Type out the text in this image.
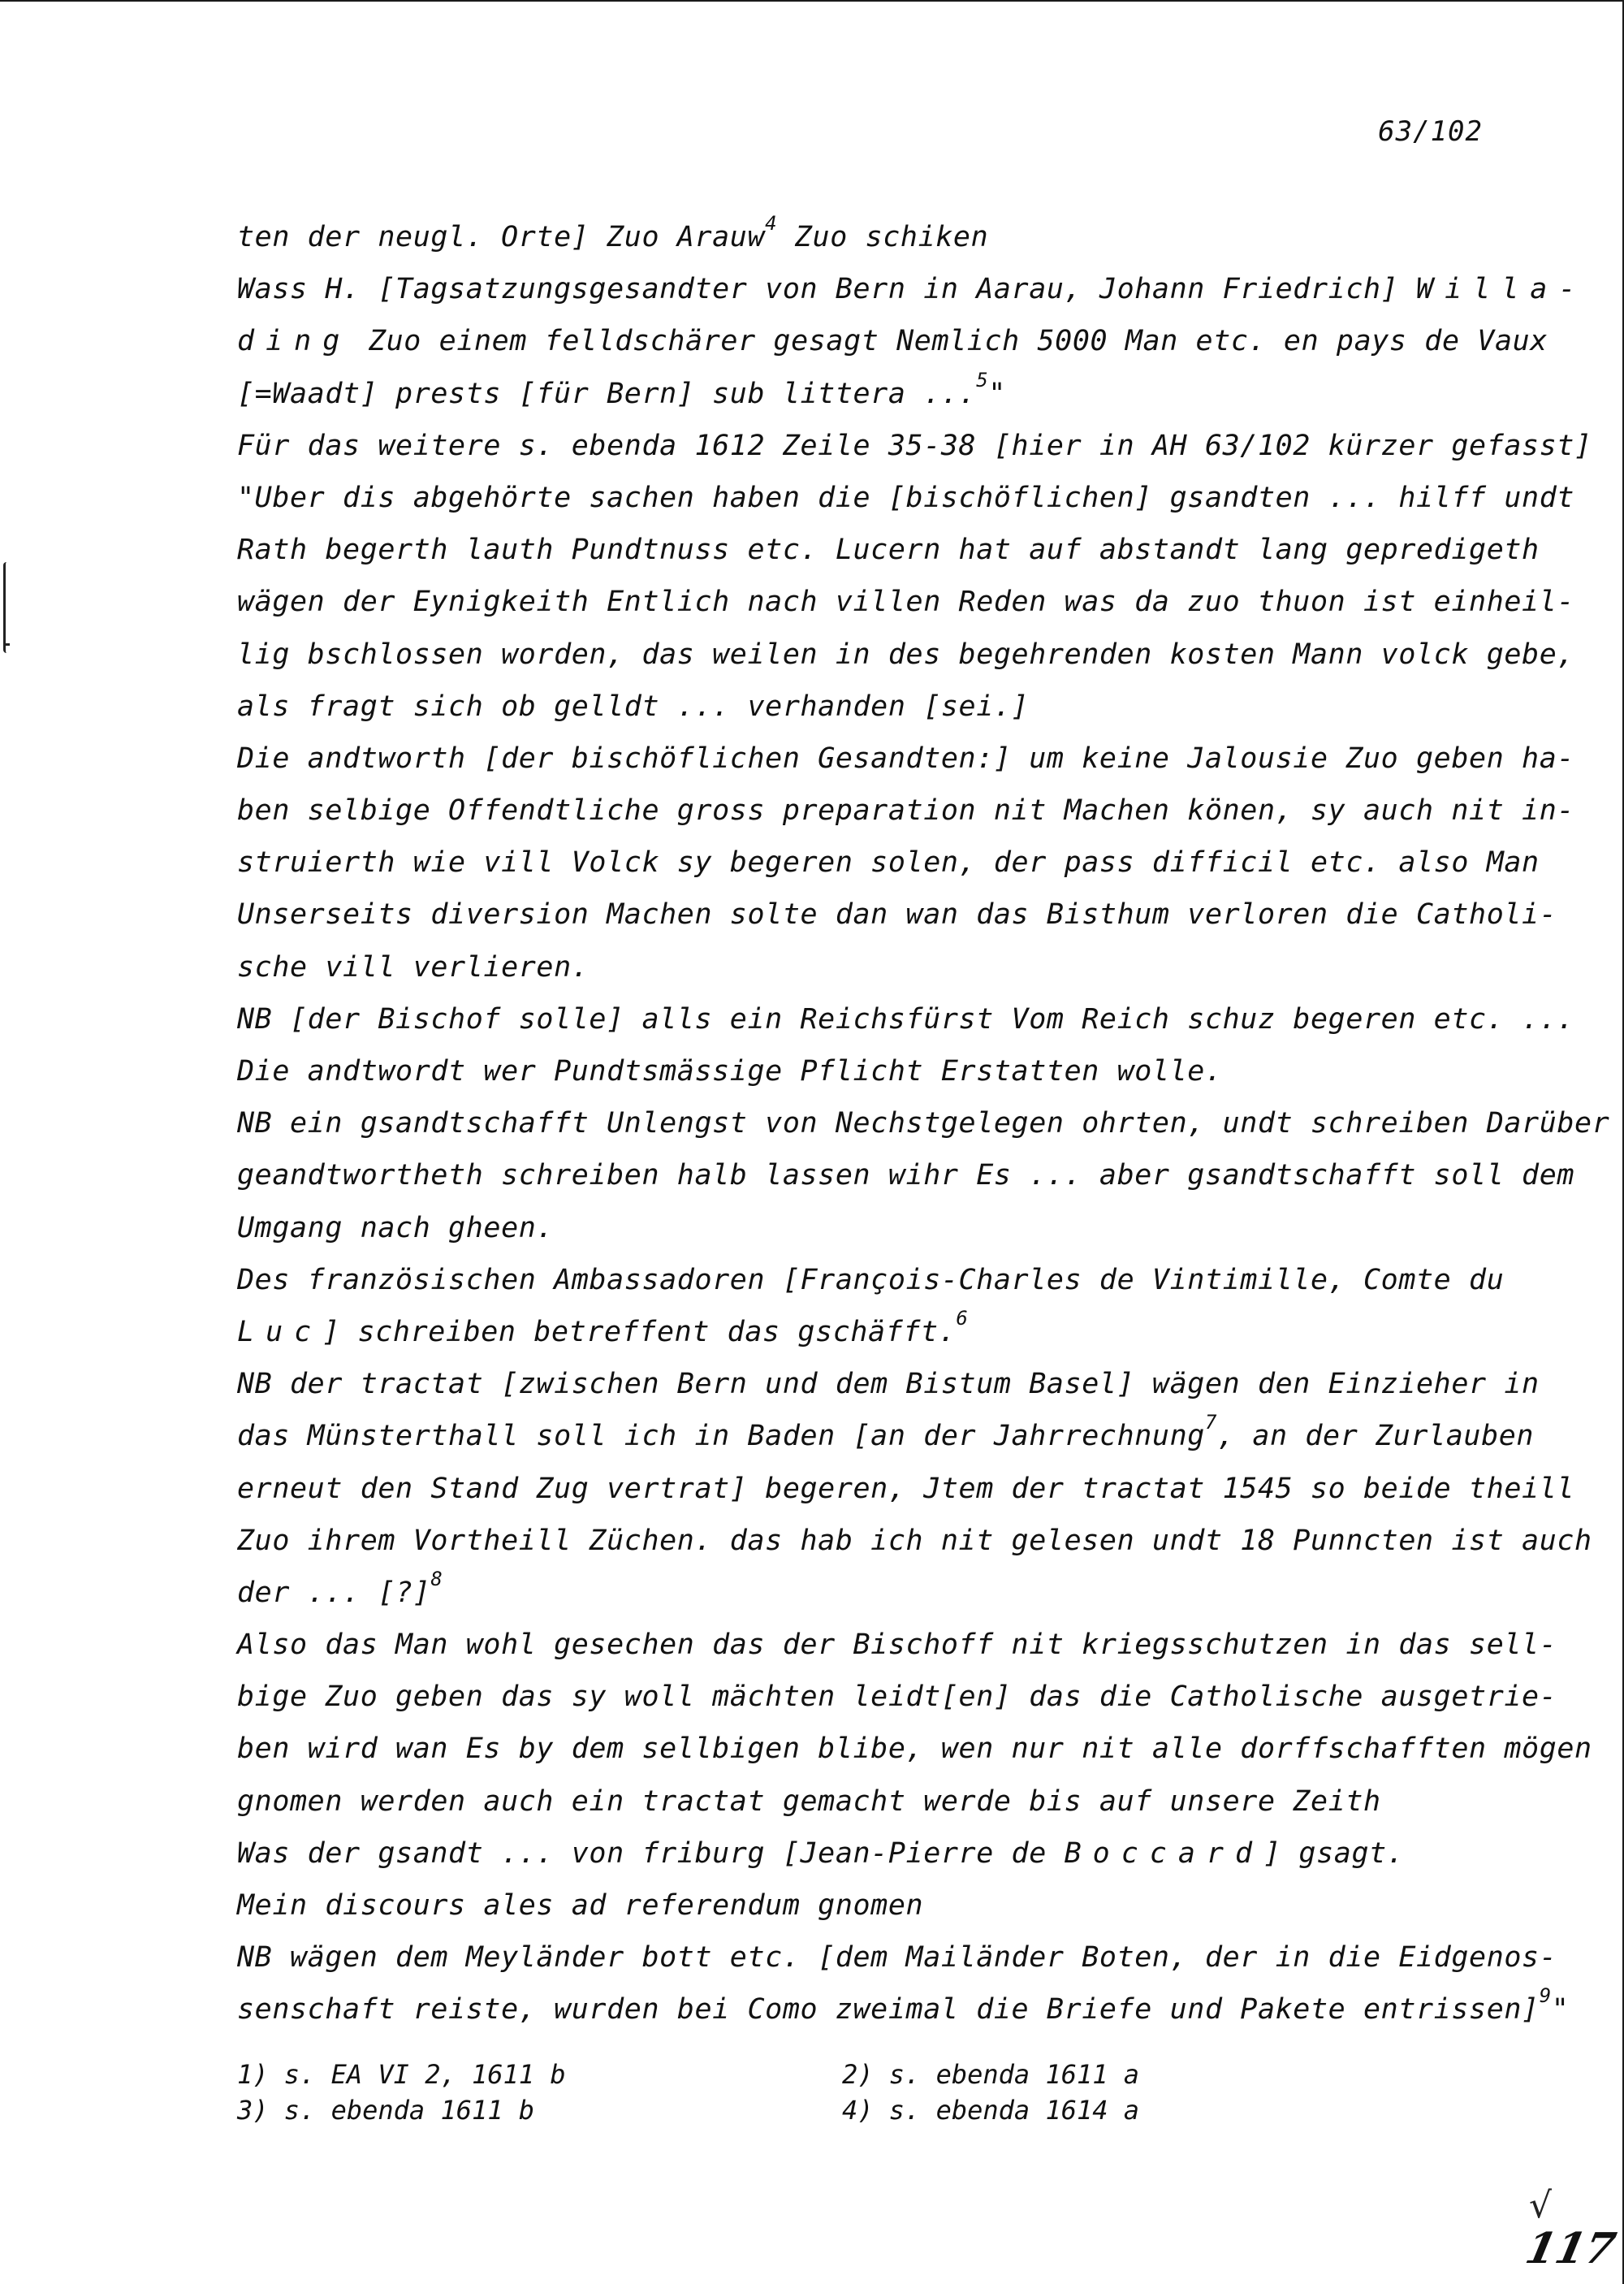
63/102
ten der neugl. Orte] Zuo Arauw$^4$ Zuo schiken
Wass H. [Tagsatzungsgesandter von Bern in Aarau, Johann Friedrich] Willa-
ding Zuo einem felldschärer gesagt Nemlich 5000 Man etc. en pays de Vaux
[=Waadt] prests [für Bern] sub littera ...$^5$"
Für das weitere s. ebenda 1612 Zeile 35-38 [hier in AH 63/102 kürzer gefasst]
"Uber dis abgehörte sachen haben die [bischöflichen] gsandten ... hilff undt
Rath begerth lauth Pundtnuss etc. Lucern hat auf abstandt lang gepredigeth
wägen der Eynigkeith Entlich nach villen Reden was da zuo thuon ist einheil-
lig bschlossen worden, das weilen in des begehrenden kosten Mann volck gebe,
als fragt sich ob gelldt ... verhanden [sei.]
Die andtworth [der bischöflichen Gesandten:] um keine Jalousie Zuo geben ha-
ben selbige Offendtliche gross preparation nit Machen könen, sy auch nit in-
struierth wie vill Volck sy begeren solen, der pass difficil etc. also Man
Unserseits diversion Machen solte dan wan das Bisthum verloren die Catholi-
sche vill verlieren.
NB [der Bischof solle] alls ein Reichsfürst Vom Reich schuz begeren etc. ...
Die andtwordt wer Pundtsmässige Pflicht Erstatten wolle.
NB ein gsandtschafft Unlengst von Nechstgelegen ohrten, undt schreiben Darüber
geandtwortheth schreiben halb lassen wihr Es ... aber gsandtschafft soll dem
Umgang nach gheen.
Des französischen Ambassadoren [François-Charles de Vintimille, Comte du
Luc] schreiben betreffent das gschäfft.$^6$
NB der tractat [zwischen Bern und dem Bistum Basel] wägen den Einzieher in
das Münsterthall soll ich in Baden [an der Jahrrechnung$^7$, an der Zurlauben
erneut den Stand Zug vertrat] begeren, Jtem der tractat 1545 so beide theill
Zuo ihrem Vortheill Züchen. das hab ich nit gelesen undt 18 Punncten ist auch
der ... [?]$^8$
Also das Man wohl gesechen das der Bischoff nit kriegsschutzen in das sell-
bige Zuo geben das sy woll mächten leidt[en] das die Catholische ausgetrie-
ben wird wan Es by dem sellbigen blibe, wen nur nit alle dorffschafften mögen
gnomen werden auch ein tractat gemacht werde bis auf unsere Zeith
Was der gsandt ... von friburg [Jean-Pierre de Boccard] gsagt.
Mein discours ales ad referendum gnomen
NB wägen dem Meyländer bott etc. [dem Mailänder Boten, der in die Eidgenos-
senschaft reiste, wurden bei Como zweimal die Briefe und Pakete entrissen]$^9$"
1) s. EA VI 2, 1611 b	2) s. ebenda 1611 a
3) s. ebenda 1611 b	4) s. ebenda 1614 a
√
117
